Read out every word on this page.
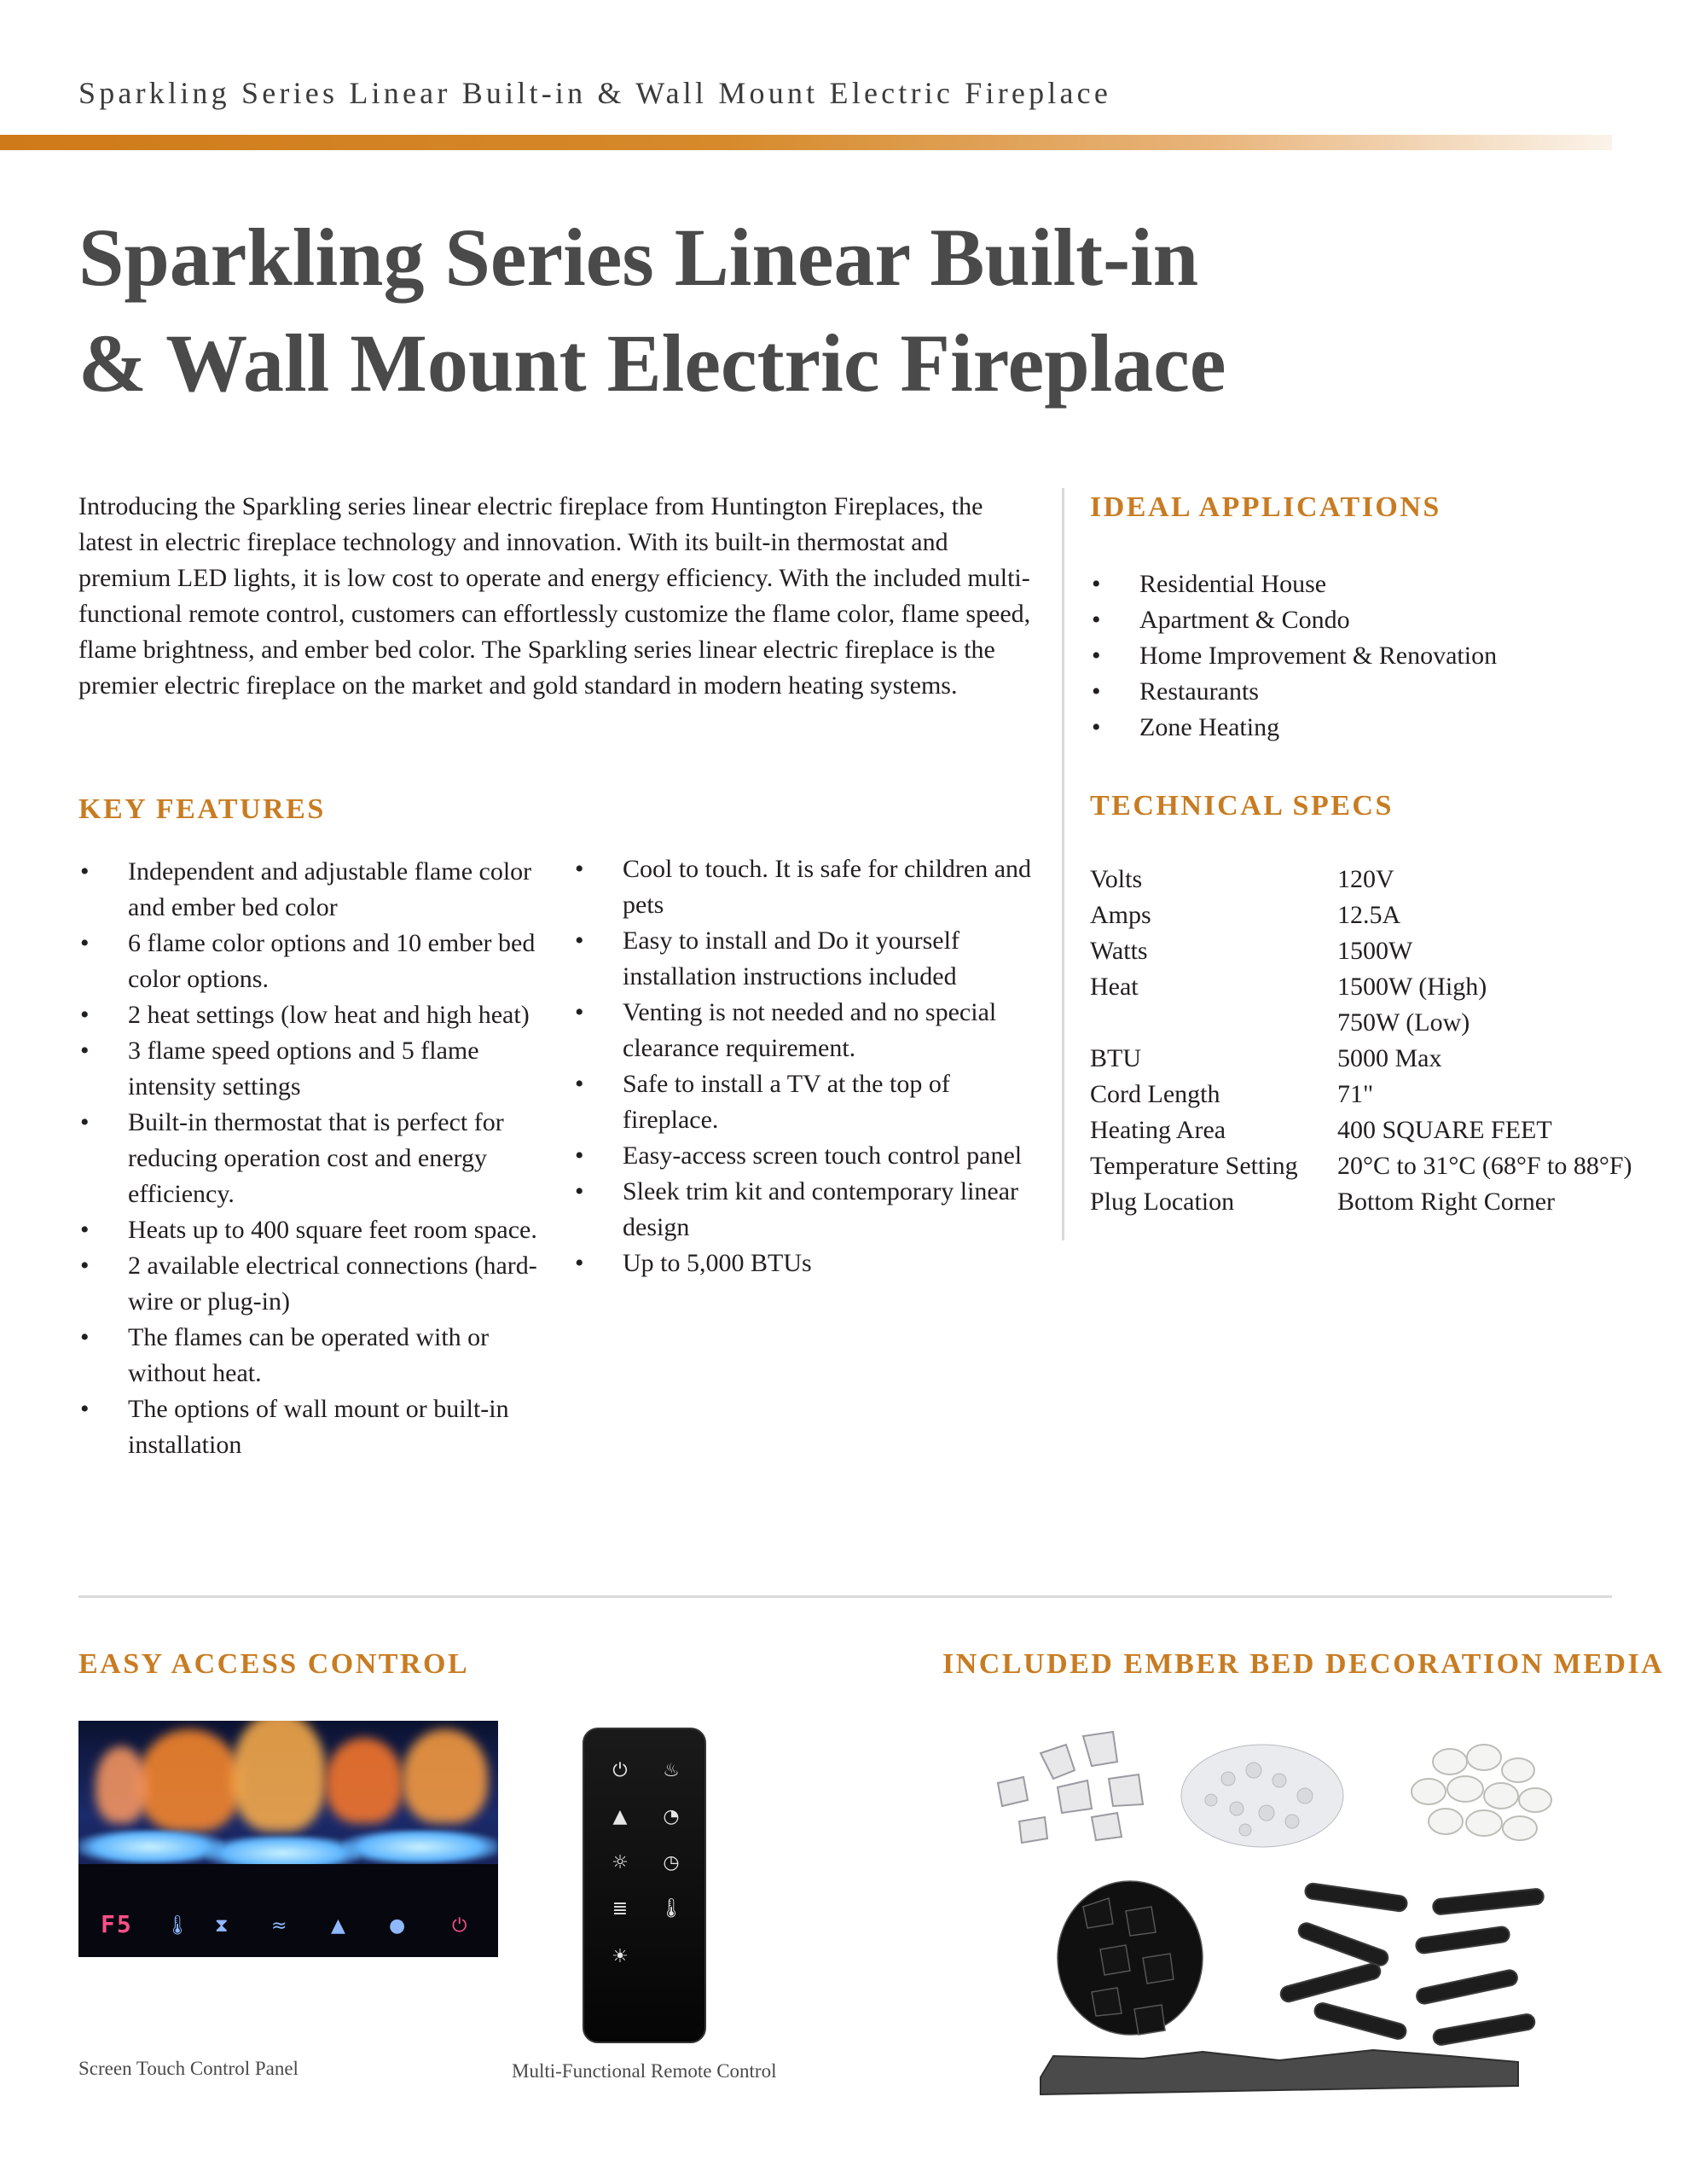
Sparkling Series Linear Built-in & Wall Mount Electric Fireplace
Sparkling Series Linear Built-in
& Wall Mount Electric Fireplace

Introducing the Sparkling series linear electric fireplace from Huntington Fireplaces, the latest in electric fireplace technology and innovation. With its built-in thermostat and premium LED lights, it is low cost to operate and energy efficiency. With the included multi-functional remote control, customers can effortlessly customize the flame color, flame speed, flame brightness, and ember bed color. The Sparkling series linear electric fireplace is the premier electric fireplace on the market and gold standard in modern heating systems.

IDEAL APPLICATIONS
• Residential House
• Apartment & Condo
• Home Improvement & Renovation
• Restaurants
• Zone Heating
TECHNICAL SPECS
Volts	120V
Amps	12.5A
Watts	1500W
Heat	1500W (High)
	750W (Low)
BTU	5000 Max
Cord Length	71"
Heating Area	400 SQUARE FEET
Temperature Setting	20°C to 31°C (68°F to 88°F)
Plug Location	Bottom Right Corner
KEY FEATURES
• Independent and adjustable flame color and ember bed color
• 6 flame color options and 10 ember bed color options.
• 2 heat settings (low heat and high heat)
• 3 flame speed options and 5 flame intensity settings
• Built-in thermostat that is perfect for reducing operation cost and energy efficiency.
• Heats up to 400 square feet room space.
• 2 available electrical connections (hard-wire or plug-in)
• The flames can be operated with or without heat.
• The options of wall mount or built-in installation
• Cool to touch. It is safe for children and pets
• Easy to install and Do it yourself installation instructions included
• Venting is not needed and no special clearance requirement.
• Safe to install a TV at the top of fireplace.
• Easy-access screen touch control panel
• Sleek trim kit and contemporary linear design
• Up to 5,000 BTUs
EASY ACCESS CONTROL
F5 🌡︎ ⧗ ≈ ▲ ● ⏻
Screen Touch Control Panel
⏻	♨
▲	◔
☼	◷
≣	🌡︎
☀
Multi-Functional Remote Control
INCLUDED EMBER BED DECORATION MEDIA
